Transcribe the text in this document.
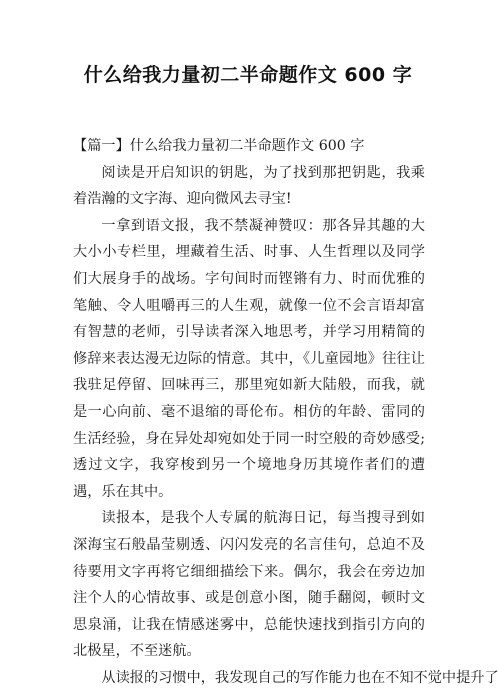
什么给我力量初二半命题作文 600 字

【篇一】什么给我力量初二半命题作文 600 字

阅读是开启知识的钥匙，为了找到那把钥匙，我乘着浩瀚的文字海、迎向微风去寻宝!

一拿到语文报，我不禁凝神赞叹：那各异其趣的大大小小专栏里，埋藏着生活、时事、人生哲理以及同学们大展身手的战场。字句间时而铿锵有力、时而优雅的笔触、令人咀嚼再三的人生观，就像一位不会言语却富有智慧的老师，引导读者深入地思考，并学习用精简的修辞来表达漫无边际的情意。其中，《儿童园地》往往让我驻足停留、回味再三，那里宛如新大陆般，而我，就是一心向前、毫不退缩的哥伦布。相仿的年龄、雷同的生活经验，身在异处却宛如处于同一时空般的奇妙感受;透过文字，我穿梭到另一个境地身历其境作者们的遭遇，乐在其中。

读报本，是我个人专属的航海日记，每当搜寻到如深海宝石般晶莹剔透、闪闪发亮的名言佳句，总迫不及待要用文字再将它细细描绘下来。偶尔，我会在旁边加注个人的心情故事、或是创意小图，随手翻阅，顿时文思泉涌，让我在情感迷雾中，总能快速找到指引方向的北极星，不至迷航。

从读报的习惯中，我发现自己的写作能力也在不知不觉中提升了
